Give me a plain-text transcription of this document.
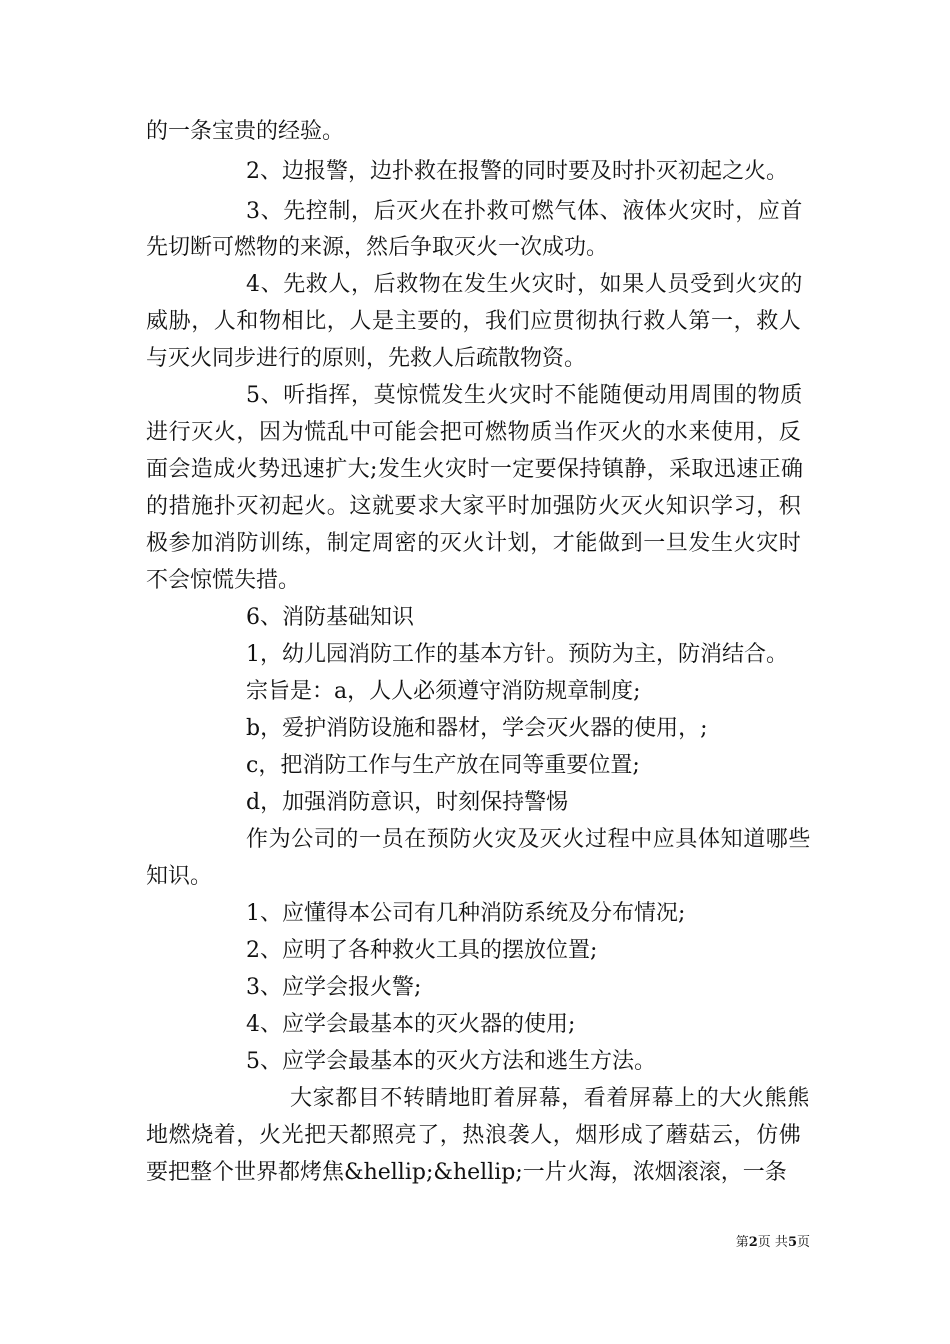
的一条宝贵的经验。
2、边报警，边扑救在报警的同时要及时扑灭初起之火。
3、先控制，后灭火在扑救可燃气体、液体火灾时，应首
先切断可燃物的来源，然后争取灭火一次成功。
4、先救人，后救物在发生火灾时，如果人员受到火灾的
威胁，人和物相比，人是主要的，我们应贯彻执行救人第一，救人
与灭火同步进行的原则，先救人后疏散物资。
5、听指挥，莫惊慌发生火灾时不能随便动用周围的物质
进行灭火，因为慌乱中可能会把可燃物质当作灭火的水来使用，反
面会造成火势迅速扩大;发生火灾时一定要保持镇静，采取迅速正确
的措施扑灭初起火。这就要求大家平时加强防火灭火知识学习，积
极参加消防训练，制定周密的灭火计划，才能做到一旦发生火灾时
不会惊慌失措。
6、消防基础知识
1，幼儿园消防工作的基本方针。预防为主，防消结合。
宗旨是：a，人人必须遵守消防规章制度;
b，爱护消防设施和器材，学会灭火器的使用，;
c，把消防工作与生产放在同等重要位置;
d，加强消防意识，时刻保持警惕
作为公司的一员在预防火灾及灭火过程中应具体知道哪些
知识。
1、应懂得本公司有几种消防系统及分布情况;
2、应明了各种救火工具的摆放位置;
3、应学会报火警;
4、应学会最基本的灭火器的使用;
5、应学会最基本的灭火方法和逃生方法。
大家都目不转睛地盯着屏幕，看着屏幕上的大火熊熊
地燃烧着，火光把天都照亮了，热浪袭人，烟形成了蘑菇云，仿佛
要把整个世界都烤焦&hellip;&hellip;一片火海，浓烟滚滚，一条
第2页 共5页
